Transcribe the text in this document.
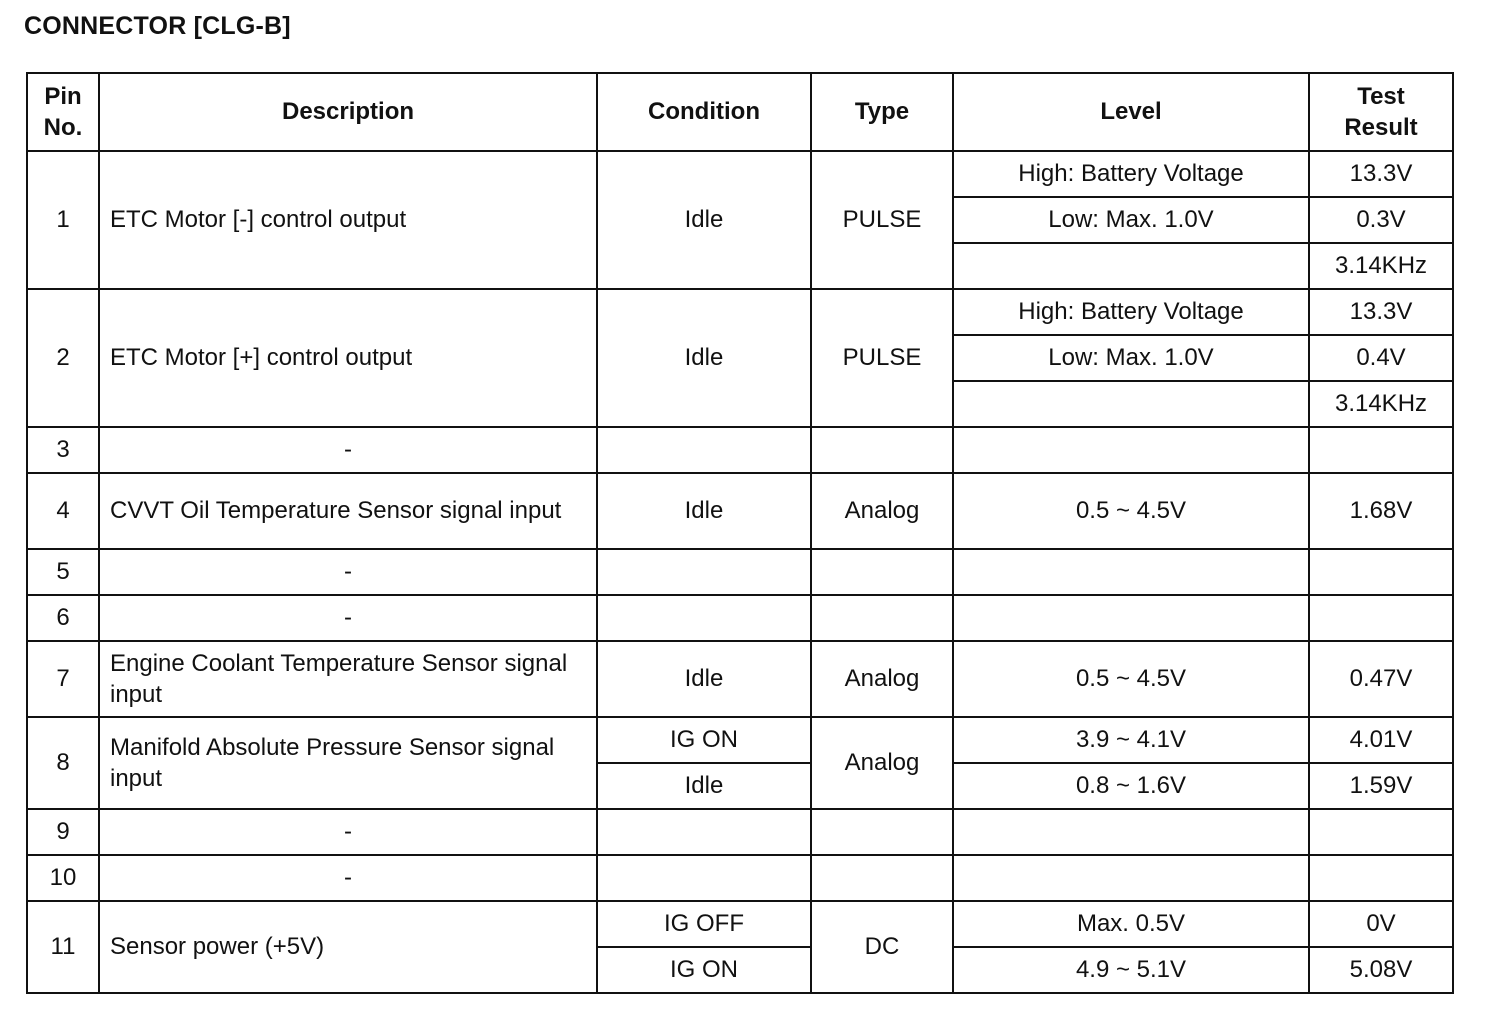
CONNECTOR [CLG-B]
Pin No.	Description	Condition	Type	Level	Test Result
1	ETC Motor [-] control output	Idle	PULSE	High: Battery Voltage	13.3V
				Low: Max. 1.0V	0.3V
					3.14KHz
2	ETC Motor [+] control output	Idle	PULSE	High: Battery Voltage	13.3V
				Low: Max. 1.0V	0.4V
					3.14KHz
3	-				
4	CVVT Oil Temperature Sensor signal input	Idle	Analog	0.5 ~ 4.5V	1.68V
5	-				
6	-				
7	Engine Coolant Temperature Sensor signal input	Idle	Analog	0.5 ~ 4.5V	0.47V
8	Manifold Absolute Pressure Sensor signal input	IG ON	Analog	3.9 ~ 4.1V	4.01V
		Idle		0.8 ~ 1.6V	1.59V
9	-				
10	-				
11	Sensor power (+5V)	IG OFF	DC	Max. 0.5V	0V
		IG ON		4.9 ~ 5.1V	5.08V
